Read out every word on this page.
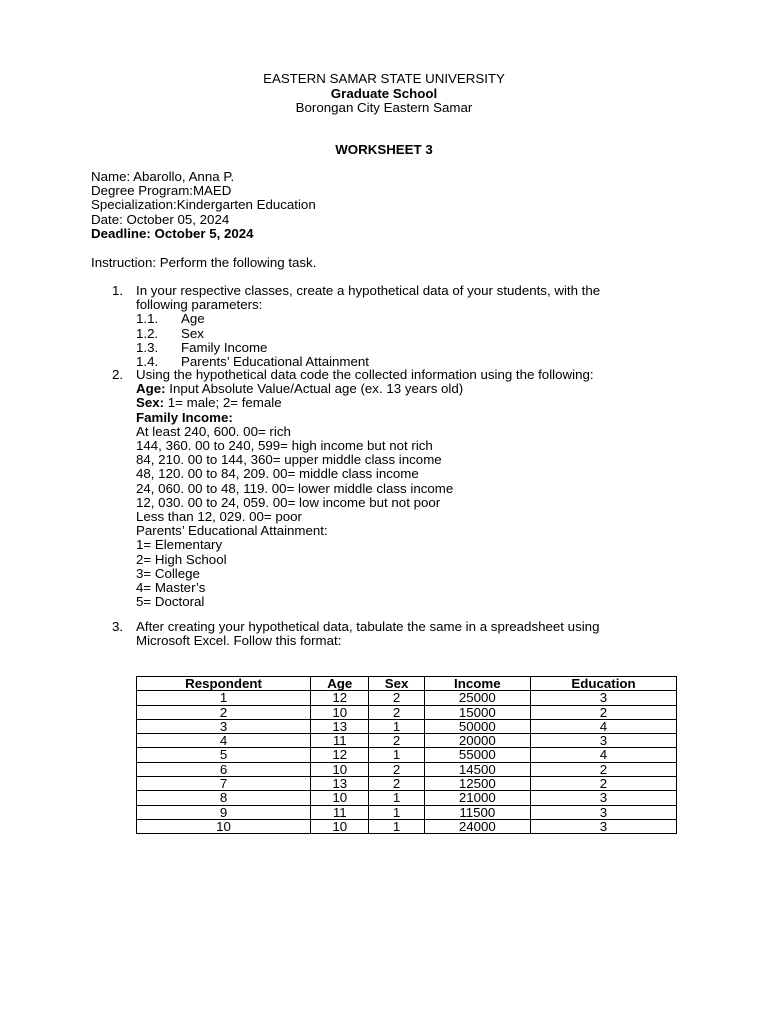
EASTERN SAMAR STATE UNIVERSITY
Graduate School
Borongan City Eastern Samar
WORKSHEET 3
Name: Abarollo, Anna P.
Degree Program:MAED
Specialization:Kindergarten Education
Date: October 05, 2024
Deadline: October 5, 2024
Instruction: Perform the following task.
1. In your respective classes, create a hypothetical data of your students, with the
following parameters:
1.1. Age
1.2. Sex
1.3. Family Income
1.4. Parents’ Educational Attainment
2. Using the hypothetical data code the collected information using the following:
Age: Input Absolute Value/Actual age (ex. 13 years old)
Sex: 1= male; 2= female
Family Income:
At least 240, 600. 00= rich
144, 360. 00 to 240, 599= high income but not rich
84, 210. 00 to 144, 360= upper middle class income
48, 120. 00 to 84, 209. 00= middle class income
24, 060. 00 to 48, 119. 00= lower middle class income
12, 030. 00 to 24, 059. 00= low income but not poor
Less than 12, 029. 00= poor
Parents’ Educational Attainment:
1= Elementary
2= High School
3= College
4= Master’s
5= Doctoral
3. After creating your hypothetical data, tabulate the same in a spreadsheet using
Microsoft Excel. Follow this format:
Respondent	Age	Sex	Income	Education
1	12	2	25000	3
2	10	2	15000	2
3	13	1	50000	4
4	11	2	20000	3
5	12	1	55000	4
6	10	2	14500	2
7	13	2	12500	2
8	10	1	21000	3
9	11	1	11500	3
10	10	1	24000	3
